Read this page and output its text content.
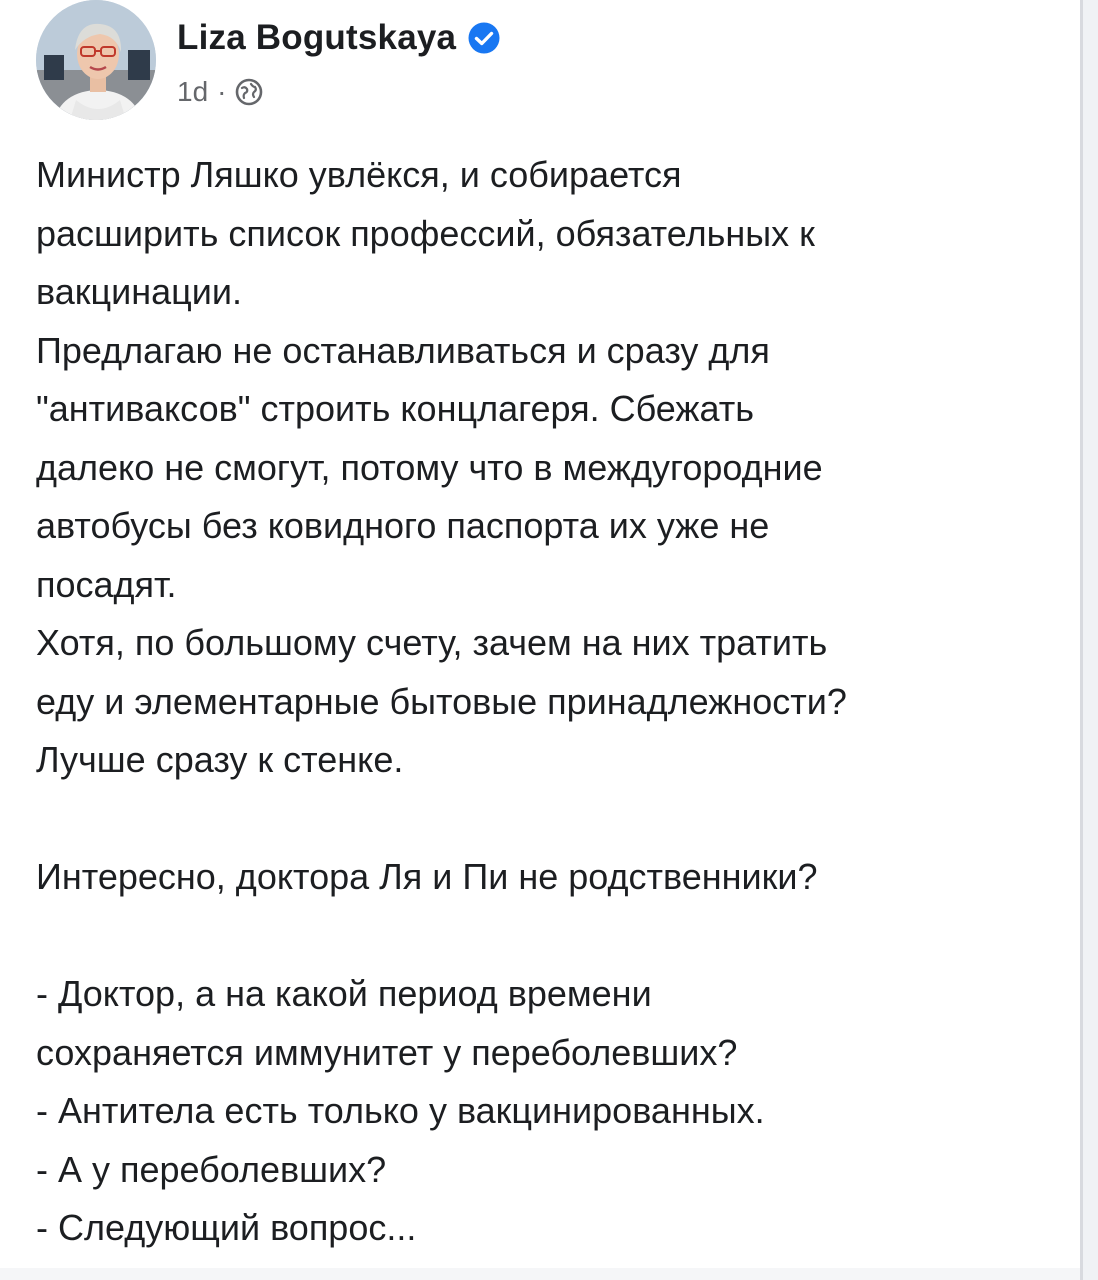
Liza Bogutskaya
1d ·
Министр Ляшко увлёкся, и собирается
расширить список профессий, обязательных к
вакцинации.
Предлагаю не останавливаться и сразу для
"антиваксов" строить концлагеря. Сбежать
далеко не смогут, потому что в междугородние
автобусы без ковидного паспорта их уже не
посадят.
Хотя, по большому счету, зачем на них тратить
еду и элементарные бытовые принадлежности?
Лучше сразу к стенке.
Интересно, доктора Ля и Пи не родственники?
- Доктор, а на какой период времени
сохраняется иммунитет у переболевших?
- Антитела есть только у вакцинированных.
- А у переболевших?
- Следующий вопрос...
